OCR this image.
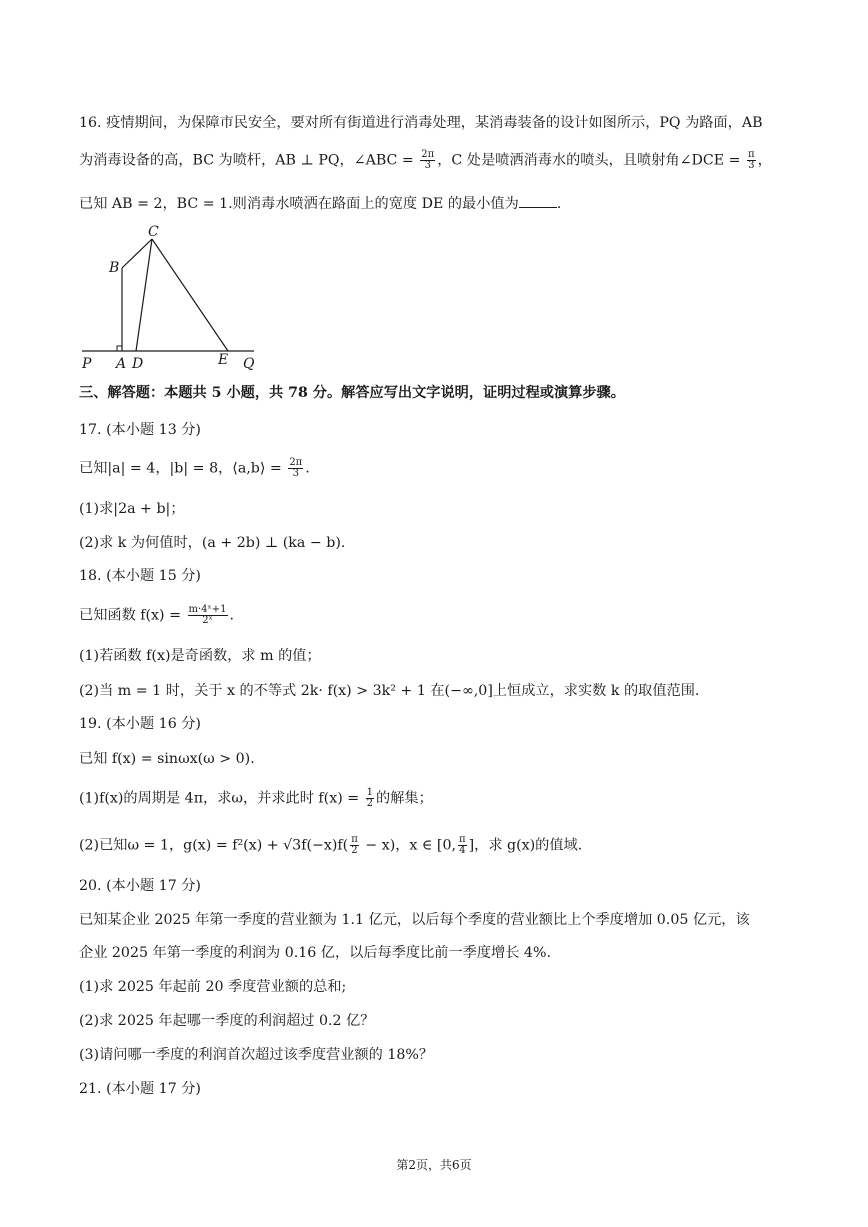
16. 疫情期间，为保障市民安全，要对所有街道进行消毒处理，某消毒装备的设计如图所示，PQ 为路面，AB
为消毒设备的高，BC 为喷杆，AB ⊥ PQ，∠ABC = $\frac{2\pi}{3}$ ，C 处是喷洒消毒水的喷头，且喷射角∠DCE = $\frac{\pi}{3}$ ，
已知 AB = 2，BC = 1.则消毒水喷洒在路面上的宽度 DE 的最小值为	.
C
B
P A D	E Q
三、解答题：本题共 5 小题，共 78 分。解答应写出文字说明，证明过程或演算步骤。
17. (本小题 13 分)
已知|a| = 4，|b| = 8，⟨a,b⟩ = $\frac{2\pi}{3}$ .
(1)求|2a + b|；
(2)求 k 为何值时，(a + 2b) ⊥ (ka − b).
18. (本小题 15 分)
已知函数 $f(x) = \frac{\text{m·4ˣ+1}}{\text{2ˣ}}$ .
(1)若函数 f(x)是奇函数，求 m 的值；
(2)当 m = 1 时，关于 x 的不等式 2k· f(x) > 3k² + 1 在(−∞,0]上恒成立，求实数 k 的取值范围.
19. (本小题 16 分)
已知 f(x) = sinωx(ω > 0).
(1)f(x)的周期是 4π，求ω，并求此时 $f(x) = \frac{1}{2}$ 的解集；
(2)已知ω = 1，$g(x) = f^2(x) + √3f(-x)f( \frac{\pi}{2} - x)$，x ∈ [0, $\frac{\pi}{4}$ ]，求 g(x)的值域.
20. (本小题 17 分)
已知某企业 2025 年第一季度的营业额为 1.1 亿元，以后每个季度的营业额比上个季度增加 0.05 亿元，该
企业 2025 年第一季度的利润为 0.16 亿，以后每季度比前一季度增长 4%.
(1)求 2025 年起前 20 季度营业额的总和;
(2)求 2025 年起哪一季度的利润超过 0.2 亿？
(3)请问哪一季度的利润首次超过该季度营业额的 18%？
21. (本小题 17 分)
第2页，共6页
